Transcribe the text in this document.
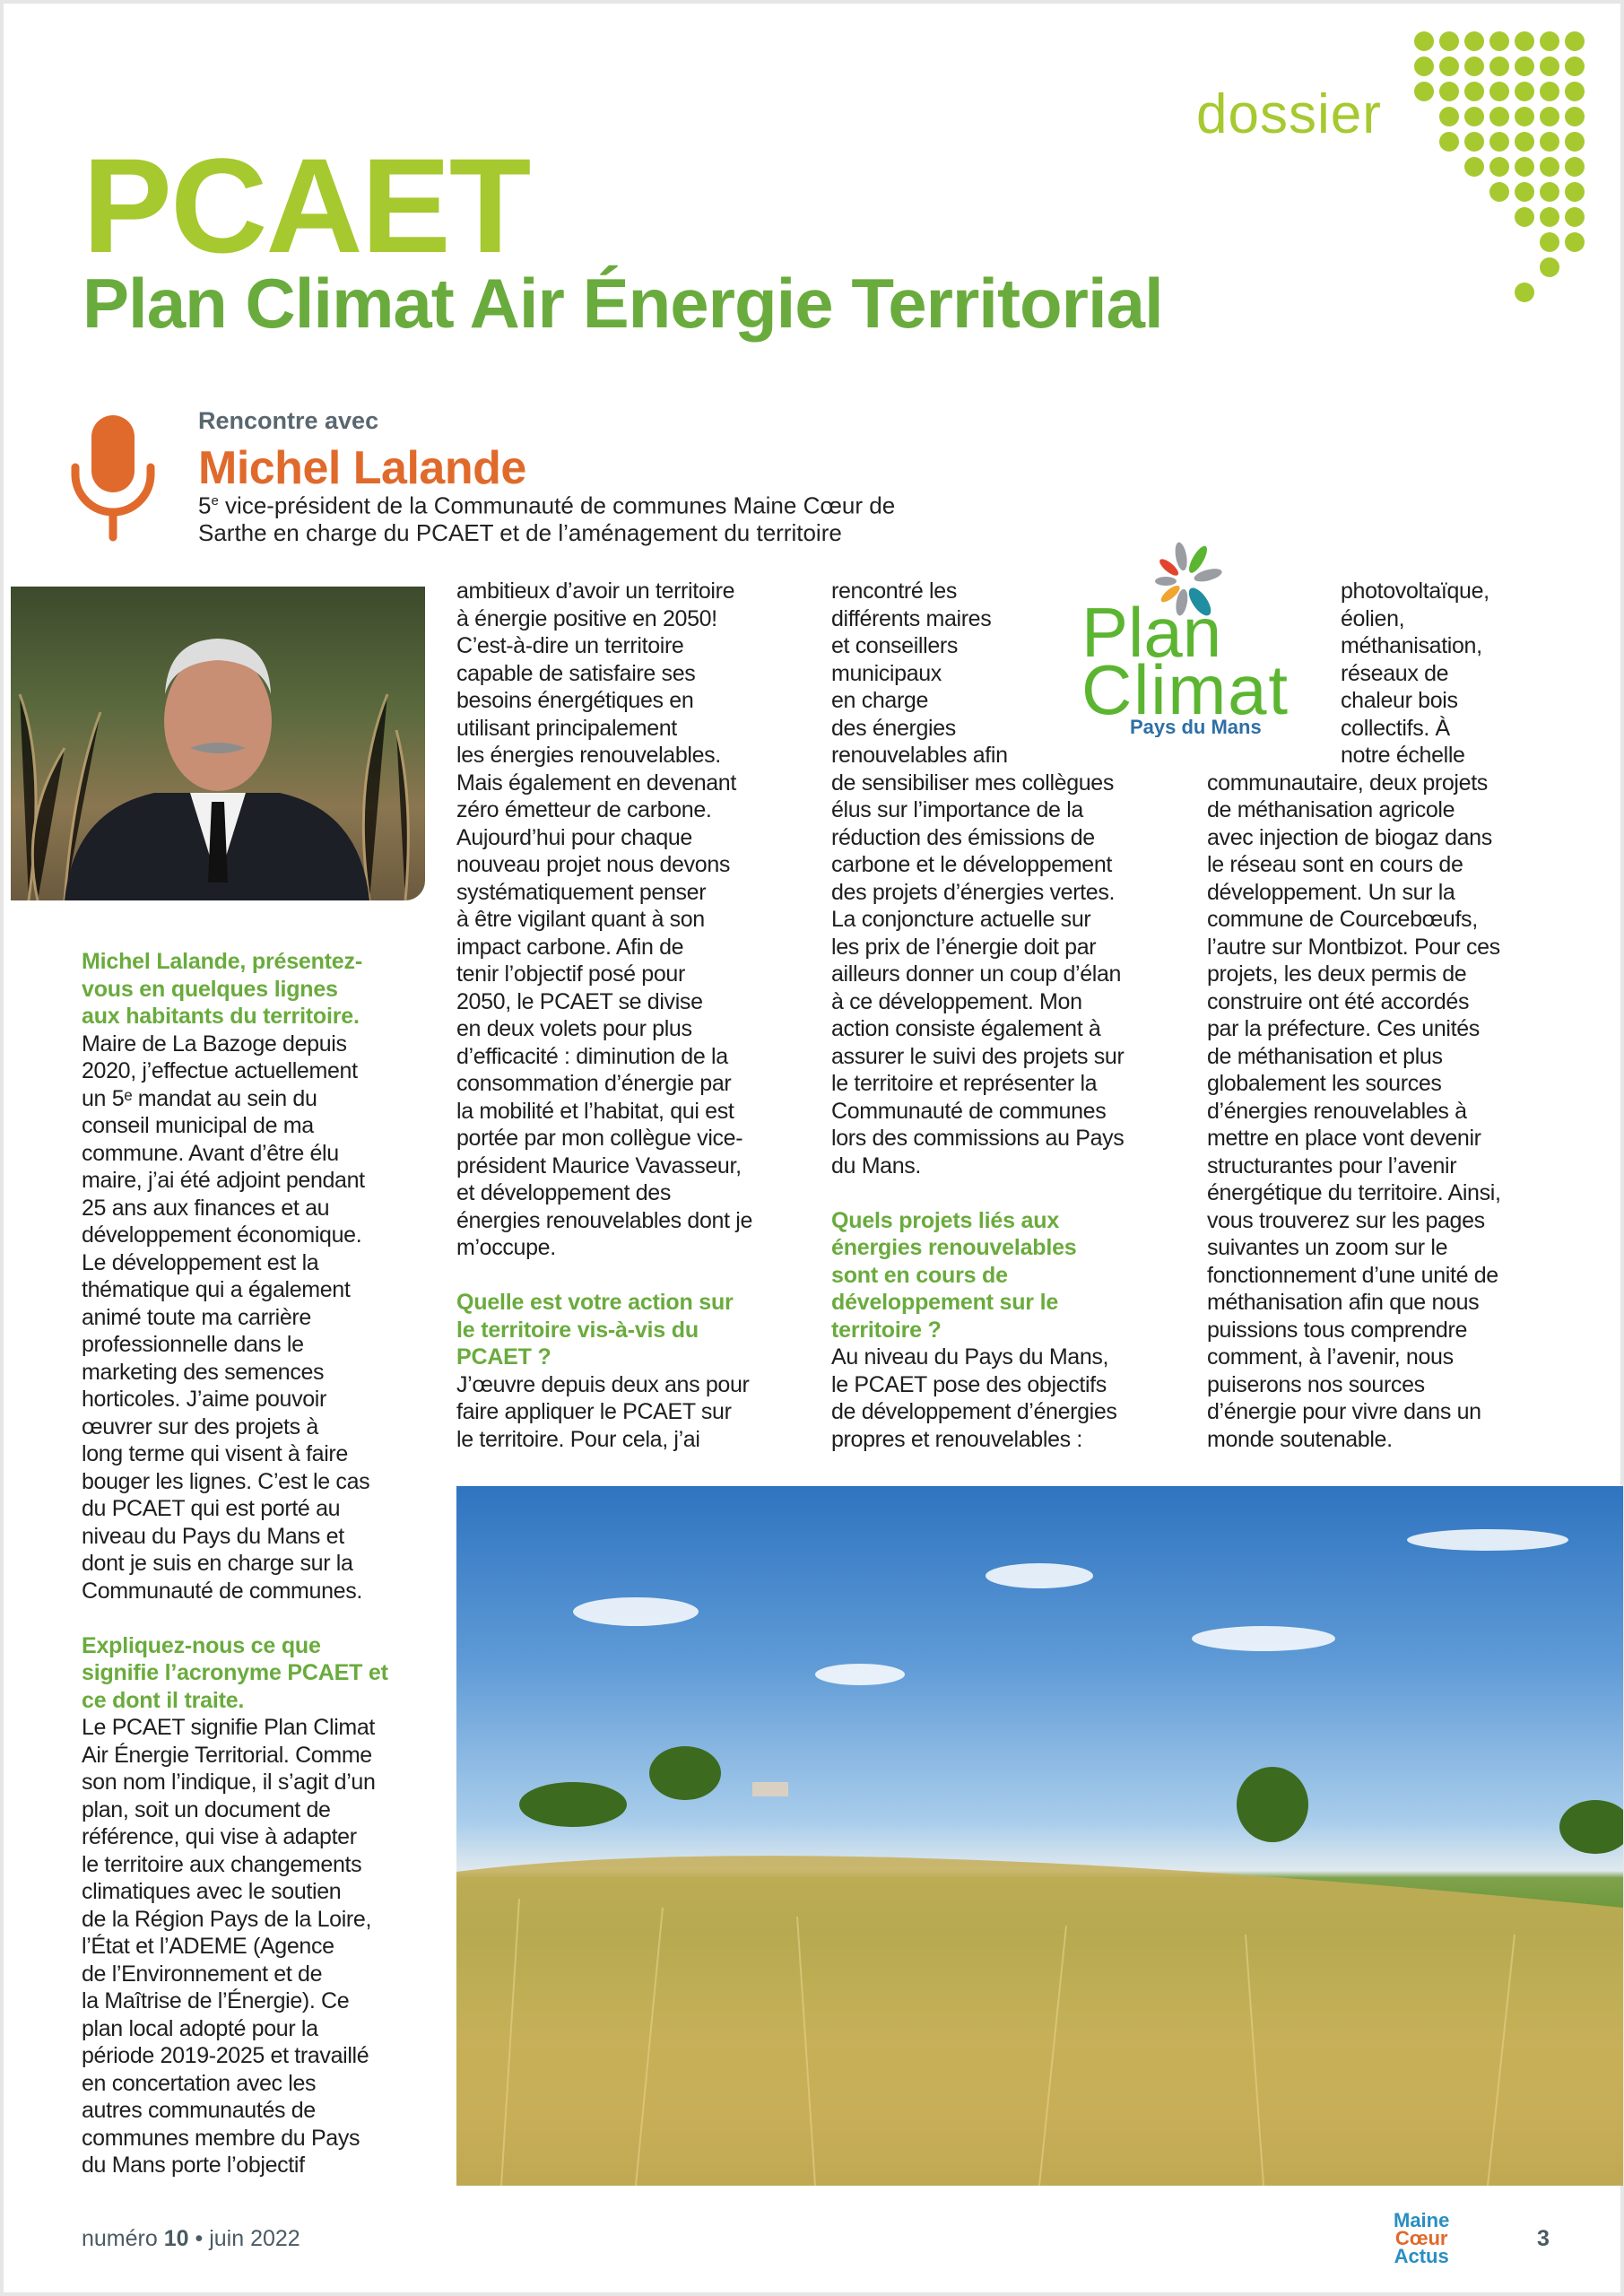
dossier
PCAET
Plan Climat Air Énergie Territorial
Rencontre avec
Michel Lalande
5e vice-président de la Communauté de communes Maine Cœur de
Sarthe en charge du PCAET et de l’aménagement du territoire
Michel Lalande, présentez-
vous en quelques lignes
aux habitants du territoire.
Maire de La Bazoge depuis
2020, j’effectue actuellement
un 5ᵉ mandat au sein du
conseil municipal de ma
commune. Avant d’être élu
maire, j’ai été adjoint pendant
25 ans aux finances et au
développement économique.
Le développement est la
thématique qui a également
animé toute ma carrière
professionnelle dans le
marketing des semences
horticoles. J’aime pouvoir
œuvrer sur des projets à
long terme qui visent à faire
bouger les lignes. C’est le cas
du PCAET qui est porté au
niveau du Pays du Mans et
dont je suis en charge sur la
Communauté de communes.
Expliquez-nous ce que
signifie l’acronyme PCAET et
ce dont il traite.
Le PCAET signifie Plan Climat
Air Énergie Territorial. Comme
son nom l’indique, il s’agit d’un
plan, soit un document de
référence, qui vise à adapter
le territoire aux changements
climatiques avec le soutien
de la Région Pays de la Loire,
l’État et l’ADEME (Agence
de l’Environnement et de
la Maîtrise de l’Énergie). Ce
plan local adopté pour la
période 2019-2025 et travaillé
en concertation avec les
autres communautés de
communes membre du Pays
du Mans porte l’objectif
ambitieux d’avoir un territoire
à énergie positive en 2050!
C’est-à-dire un territoire
capable de satisfaire ses
besoins énergétiques en
utilisant principalement
les énergies renouvelables.
Mais également en devenant
zéro émetteur de carbone.
Aujourd’hui pour chaque
nouveau projet nous devons
systématiquement penser
à être vigilant quant à son
impact carbone. Afin de
tenir l’objectif posé pour
2050, le PCAET se divise
en deux volets pour plus
d’efficacité : diminution de la
consommation d’énergie par
la mobilité et l’habitat, qui est
portée par mon collègue vice-
président Maurice Vavasseur,
et développement des
énergies renouvelables dont je
m’occupe.
Quelle est votre action sur
le territoire vis-à-vis du
PCAET ?
J’œuvre depuis deux ans pour
faire appliquer le PCAET sur
le territoire. Pour cela, j’ai
rencontré les
différents maires
et conseillers
municipaux
en charge
des énergies
renouvelables afin
de sensibiliser mes collègues
élus sur l’importance de la
réduction des émissions de
carbone et le développement
des projets d’énergies vertes.
La conjoncture actuelle sur
les prix de l’énergie doit par
ailleurs donner un coup d’élan
à ce développement. Mon
action consiste également à
assurer le suivi des projets sur
le territoire et représenter la
Communauté de communes
lors des commissions au Pays
du Mans.
Quels projets liés aux
énergies renouvelables
sont en cours de
développement sur le
territoire ?
Au niveau du Pays du Mans,
le PCAET pose des objectifs
de développement d’énergies
propres et renouvelables :
photovoltaïque,
éolien,
méthanisation,
réseaux de
chaleur bois
collectifs. À
notre échelle
communautaire, deux projets
de méthanisation agricole
avec injection de biogaz dans
le réseau sont en cours de
développement. Un sur la
commune de Courcebœufs,
l’autre sur Montbizot. Pour ces
projets, les deux permis de
construire ont été accordés
par la préfecture. Ces unités
de méthanisation et plus
globalement les sources
d’énergies renouvelables à
mettre en place vont devenir
structurantes pour l’avenir
énergétique du territoire. Ainsi,
vous trouverez sur les pages
suivantes un zoom sur le
fonctionnement d’une unité de
méthanisation afin que nous
puissions tous comprendre
comment, à l’avenir, nous
puiserons nos sources
d’énergie pour vivre dans un
monde soutenable.
Plan
Climat
Pays du Mans
numéro 10 • juin 2022
Maine
Cœur
Actus
3
